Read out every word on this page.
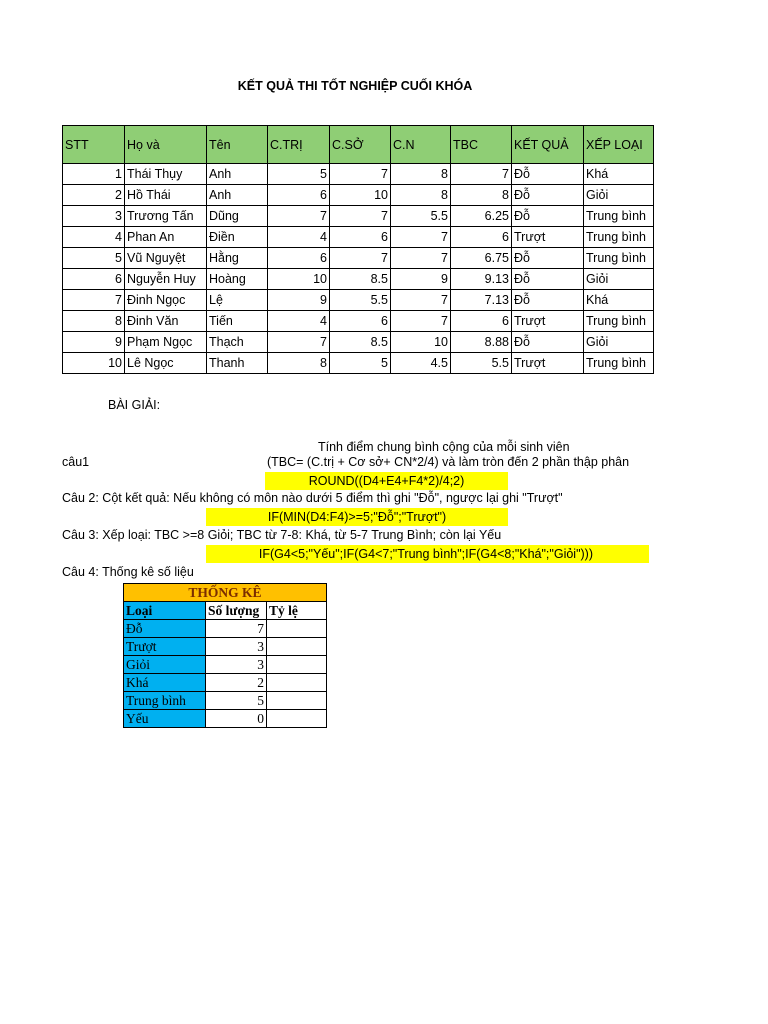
KẾT QUẢ THI TỐT NGHIỆP CUỐI KHÓA
STT	Họ và	Tên	C.TRỊ	C.SỞ	C.N	TBC	KẾT QUẢ	XẾP LOẠI
1	Thái Thụy	Anh	5	7	8	7	Đỗ	Khá
2	Hồ Thái	Anh	6	10	8	8	Đỗ	Giỏi
3	Trương Tấn	Dũng	7	7	5.5	6.25	Đỗ	Trung bình
4	Phan An	Điền	4	6	7	6	Trượt	Trung bình
5	Vũ Nguyệt	Hằng	6	7	7	6.75	Đỗ	Trung bình
6	Nguyễn Huy	Hoàng	10	8.5	9	9.13	Đỗ	Giỏi
7	Đinh Ngọc	Lệ	9	5.5	7	7.13	Đỗ	Khá
8	Đinh Văn	Tiến	4	6	7	6	Trượt	Trung bình
9	Phạm Ngọc	Thạch	7	8.5	10	8.88	Đỗ	Giỏi
10	Lê Ngọc	Thanh	8	5	4.5	5.5	Trượt	Trung bình
BÀI GIẢI:
Tính điểm chung bình cộng của mỗi sinh viên
câu1	(TBC= (C.trị + Cơ sở+ CN*2/4) và làm tròn đến 2 phần thập phân
ROUND((D4+E4+F4*2)/4;2)
Câu 2: Cột kết quả: Nếu không có môn nào dưới 5 điểm thì ghi "Đỗ", ngược lại ghi "Trượt"
IF(MIN(D4:F4)>=5;"Đỗ";"Trượt")
Câu 3: Xếp loại: TBC >=8 Giỏi; TBC từ 7-8: Khá, từ 5-7 Trung Bình; còn lại Yếu
IF(G4<5;"Yếu";IF(G4<7;"Trung bình";IF(G4<8;"Khá";"Giỏi")))
Câu 4: Thống kê số liệu
THỐNG KÊ		
Loại	Số lượng	Tỷ lệ
Đỗ	7	
Trượt	3	
Giỏi	3	
Khá	2	
Trung bình	5	
Yếu	0	
